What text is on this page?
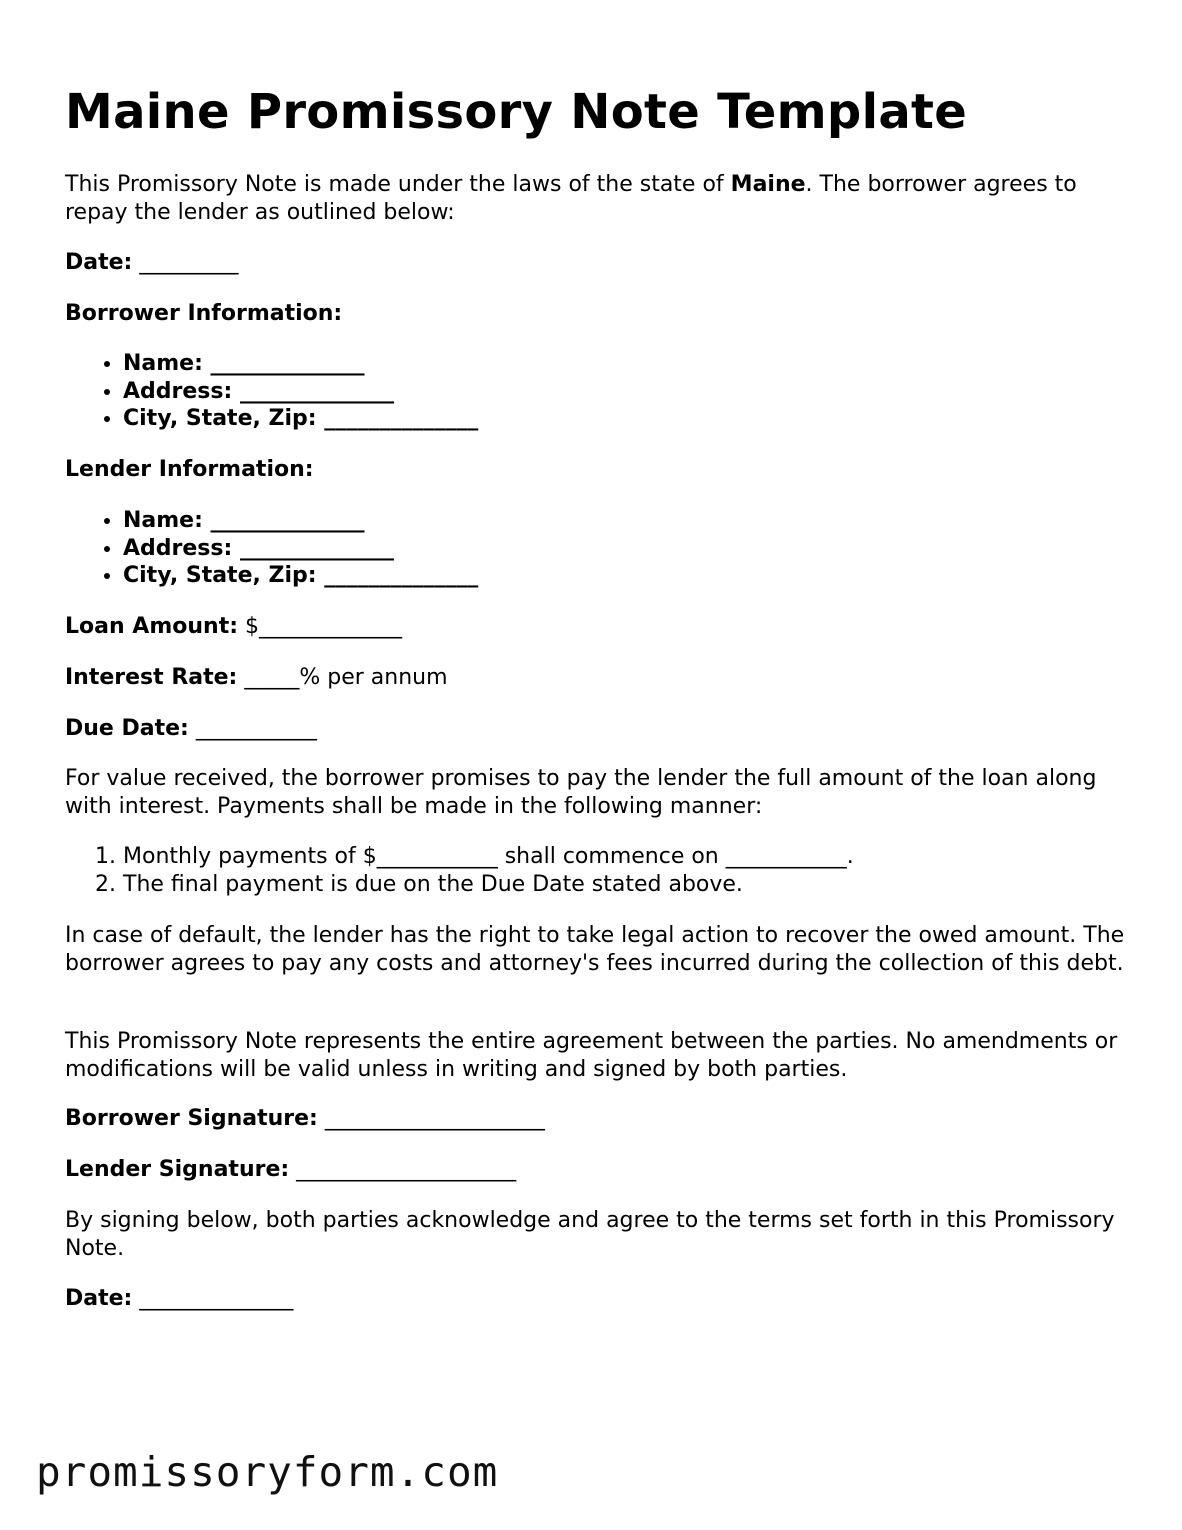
Maine Promissory Note Template
This Promissory Note is made under the laws of the state of Maine. The borrower agrees to repay the lender as outlined below:
Date: _________
Borrower Information:
• Name: ______________
• Address: ______________
• City, State, Zip: ______________
Lender Information:
• Name: ______________
• Address: ______________
• City, State, Zip: ______________
Loan Amount: $_____________
Interest Rate: _____% per annum
Due Date: ___________
For value received, the borrower promises to pay the lender the full amount of the loan along with interest. Payments shall be made in the following manner:
1. Monthly payments of $___________ shall commence on ___________.
2. The final payment is due on the Due Date stated above.
In case of default, the lender has the right to take legal action to recover the owed amount. The borrower agrees to pay any costs and attorney's fees incurred during the collection of this debt.
This Promissory Note represents the entire agreement between the parties. No amendments or modifications will be valid unless in writing and signed by both parties.
Borrower Signature: ____________________
Lender Signature: ____________________
By signing below, both parties acknowledge and agree to the terms set forth in this Promissory Note.
Date: ______________
promissoryform.com
